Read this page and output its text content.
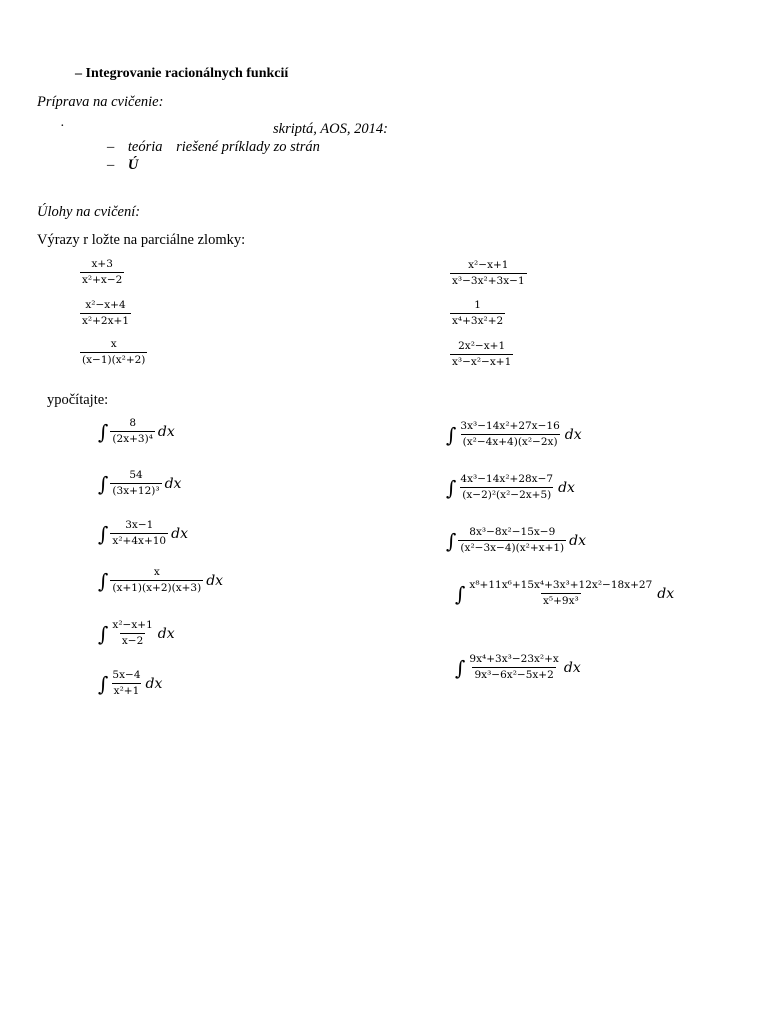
– Integrovanie racionálnych funkcií
Príprava na cvičenie:
·	skriptá, AOS, 2014:
– teória riešené príklady zo strán
– Ú
Úlohy na cvičení:
Výrazy r ložte na parciálne zlomky:
$\frac{x+3}{\text{x²+x−2}}$
$\frac{\text{x²−x+4}}{\text{x²+2x+1}}$
$\frac{x}{\text{(x−1)(x²+2)}}$
$\frac{\text{x²−x+1}}{\text{x³−3x²+3x−1}}$
$\frac{1}{\text{x⁴+3x²+2}}$
$\frac{\text{2x²−x+1}}{\text{x³−x²−x+1}}$
ypočítajte:
∫ $\frac{8}{\text{(2x+3)⁴}}$ dx
∫ $\frac{54}{\text{(3x+12)³}}$ dx
∫ $\frac{3x-1}{\text{x²+4x+10}}$ dx
∫ $\frac{x}{(x+1)(x+2)(x+3)}$ dx
∫ $\frac{\text{x²−x+1}}{x-2}$ dx
∫ $\frac{5x-4}{\text{x²+1}}$ dx
∫ $\frac{\text{3x³−14x²+27x−16}}{\text{(x²−4x+4)(x²−2x)}}$ dx
∫ $\frac{\text{4x³−14x²+28x−7}}{\text{(x−2)²(x²−2x+5)}}$ dx
∫ $\frac{\text{8x³−8x²−15x−9}}{\text{(x²−3x−4)(x²+x+1)}}$ dx
∫ $\frac{\text{x⁸+11x⁶+15x⁴+3x³+12x²−18x+27}}{\text{x⁵+9x³}}$ dx
∫ $\frac{\text{9x⁴+3x³−23x²+x}}{\text{9x³−6x²−5x+2}}$ dx
